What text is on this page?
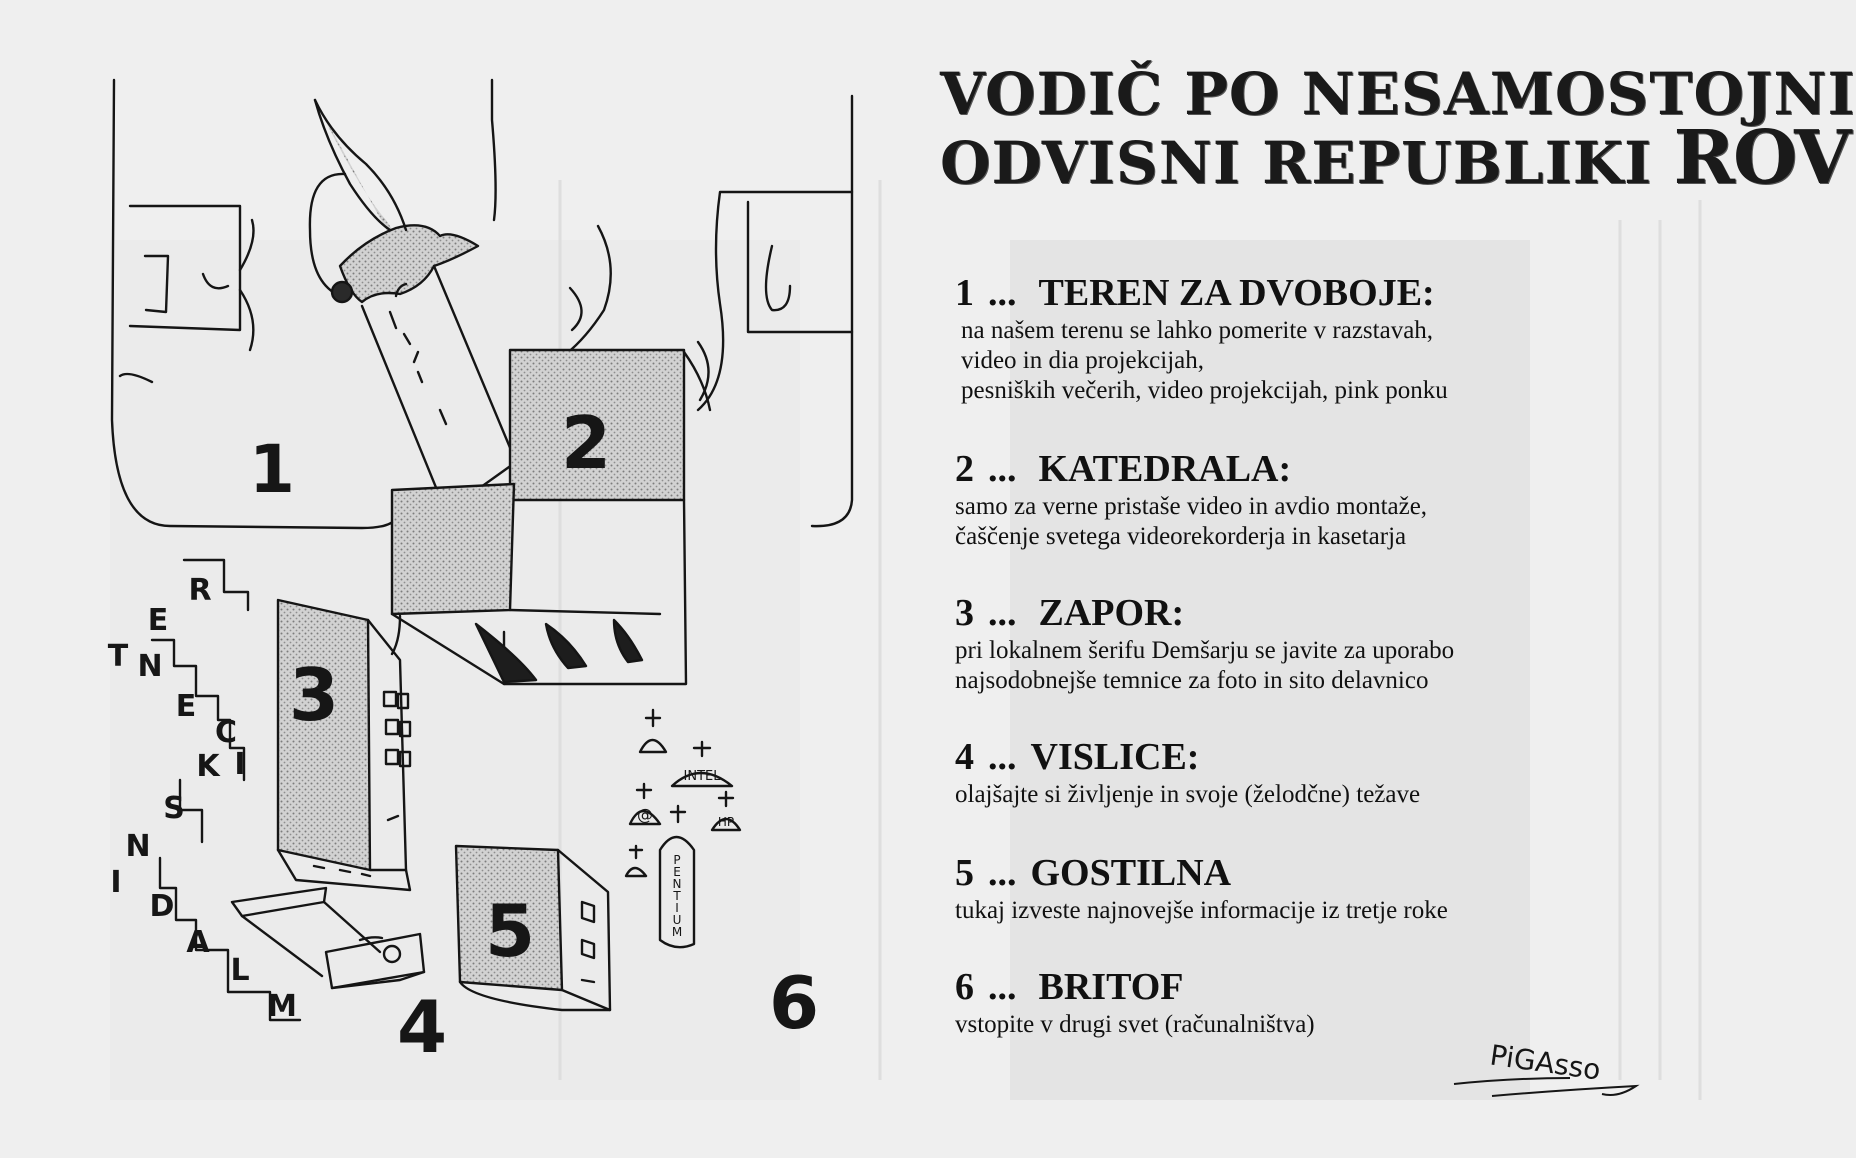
1	2
3
4
5
6
R
E
T N
E
C
K I
S
N
I
D
A
L
M
INTEL
@	HP
P E N T I U M
VODIČ PO NESAMOSTOJNI
ODVISNI REPUBLIKI ROV
1 ... TEREN ZA DVOBOJE:
na našem terenu se lahko pomerite v razstavah,
video in dia projekcijah,
pesniških večerih, video projekcijah, pink ponku
2 ... KATEDRALA:
samo za verne pristaše video in avdio montaže,
čaščenje svetega videorekorderja in kasetarja
3 ... ZAPOR:
pri lokalnem šerifu Demšarju se javite za uporabo
najsodobnejše temnice za foto in sito delavnico
4 ... VISLICE:
olajšajte si življenje in svoje (želodčne) težave
5 ... GOSTILNA
tukaj izveste najnovejše informacije iz tretje roke
6 ... BRITOF
vstopite v drugi svet (računalništva)
PiGAsso
